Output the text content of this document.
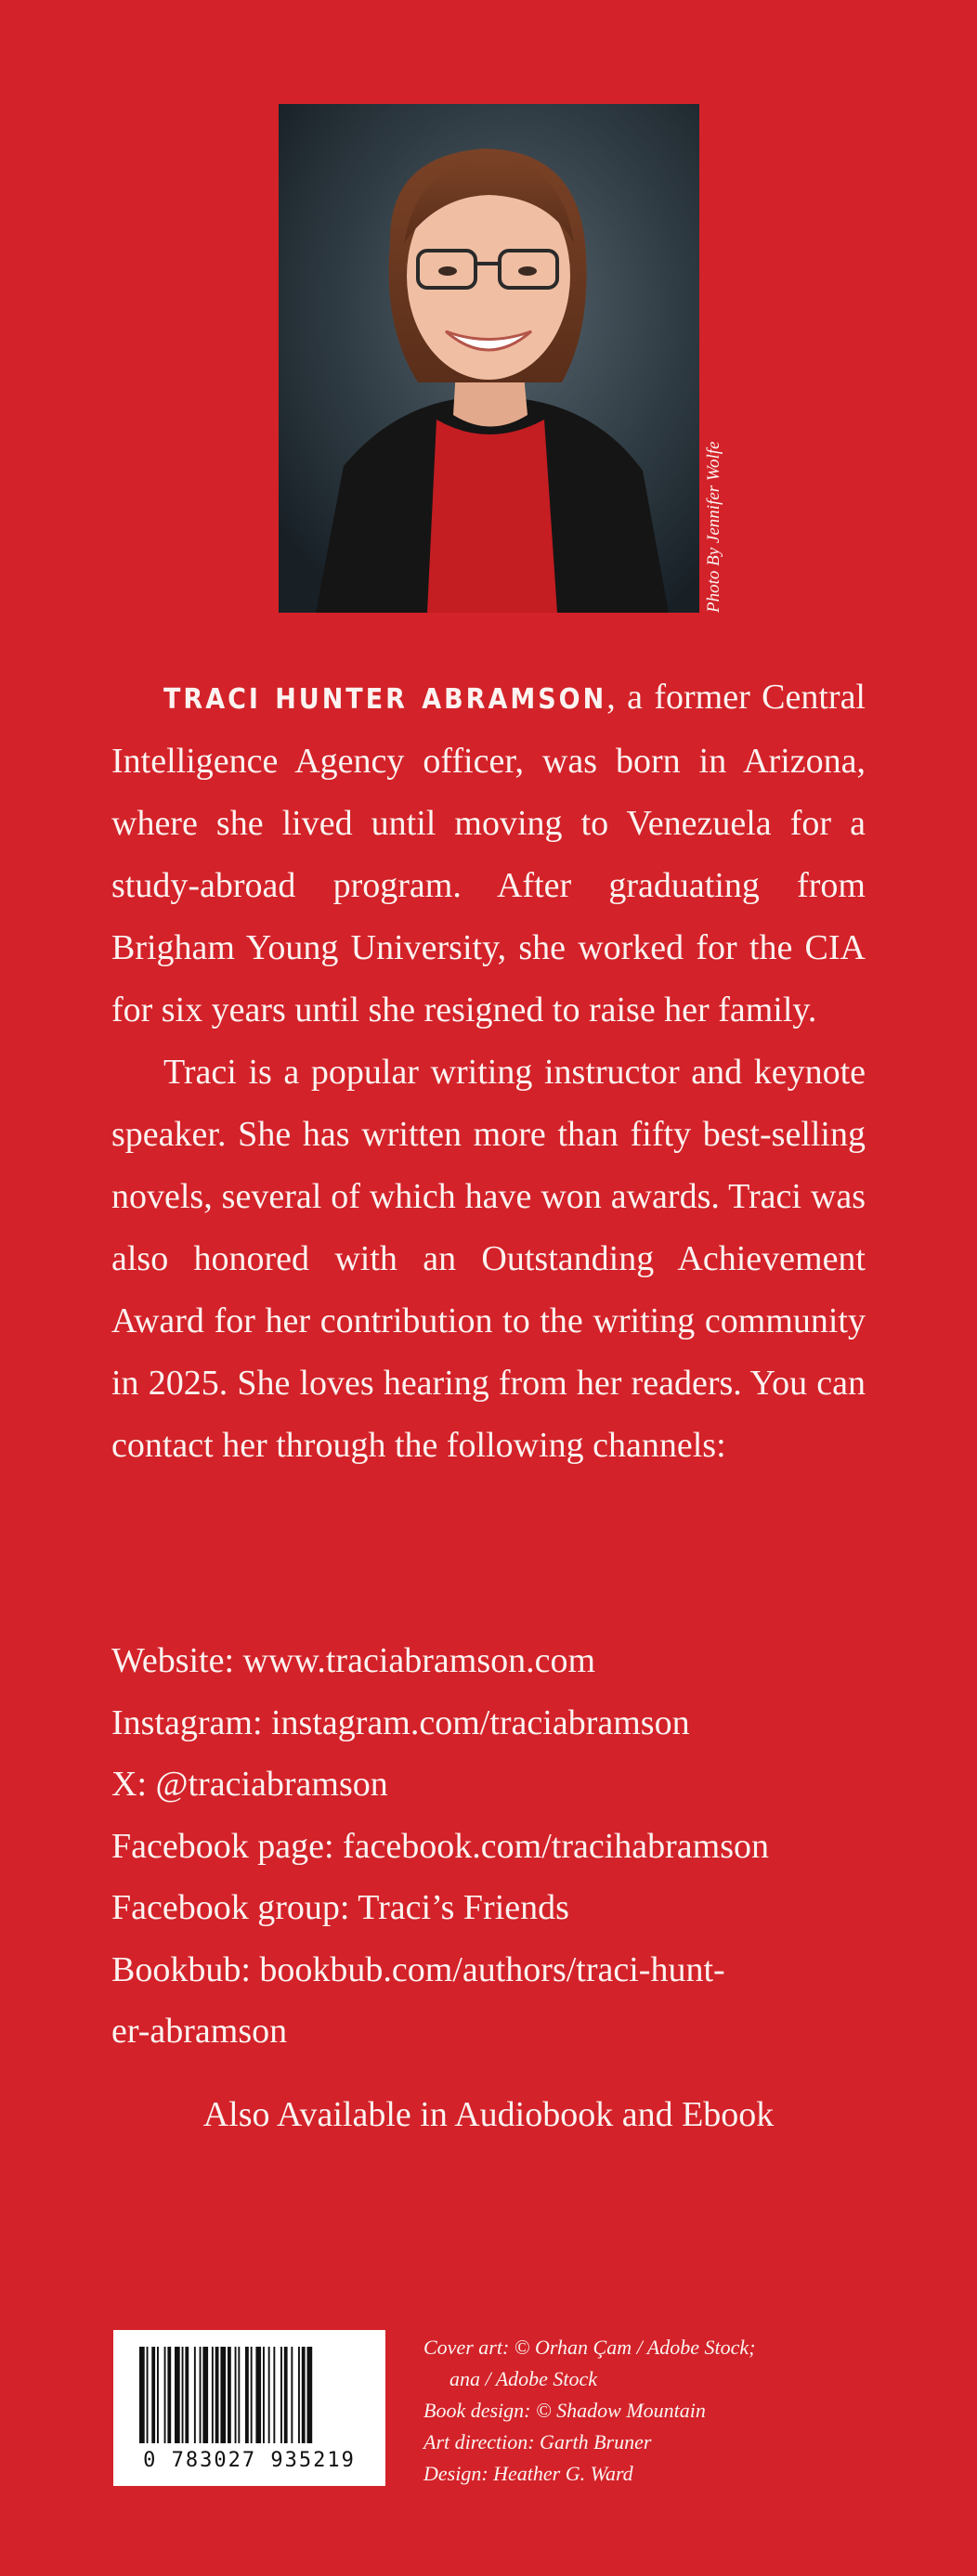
Photo By Jennifer Wolfe

TRACI HUNTER ABRAMSON, a former Central Intelligence Agency officer, was born in Arizona, where she lived until moving to Venezuela for a study-abroad program. After graduating from Brigham Young University, she worked for the CIA for six years until she resigned to raise her family.

Traci is a popular writing instructor and keynote speaker. She has written more than fifty best-selling novels, several of which have won awards. Traci was also honored with an Outstanding Achievement Award for her contribution to the writing community in 2025. She loves hearing from her readers. You can contact her through the following channels:

Website: www.traciabramson.com
Instagram: instagram.com/traciabramson
X: @traciabramson
Facebook page: facebook.com/tracihabramson
Facebook group: Traci’s Friends
Bookbub: bookbub.com/authors/traci-hunt-
er-abramson
Also Available in Audiobook and Ebook
0 783027 935219
Cover art: © Orhan Çam / Adobe Stock;
ana / Adobe Stock
Book design: © Shadow Mountain
Art direction: Garth Bruner
Design: Heather G. Ward
